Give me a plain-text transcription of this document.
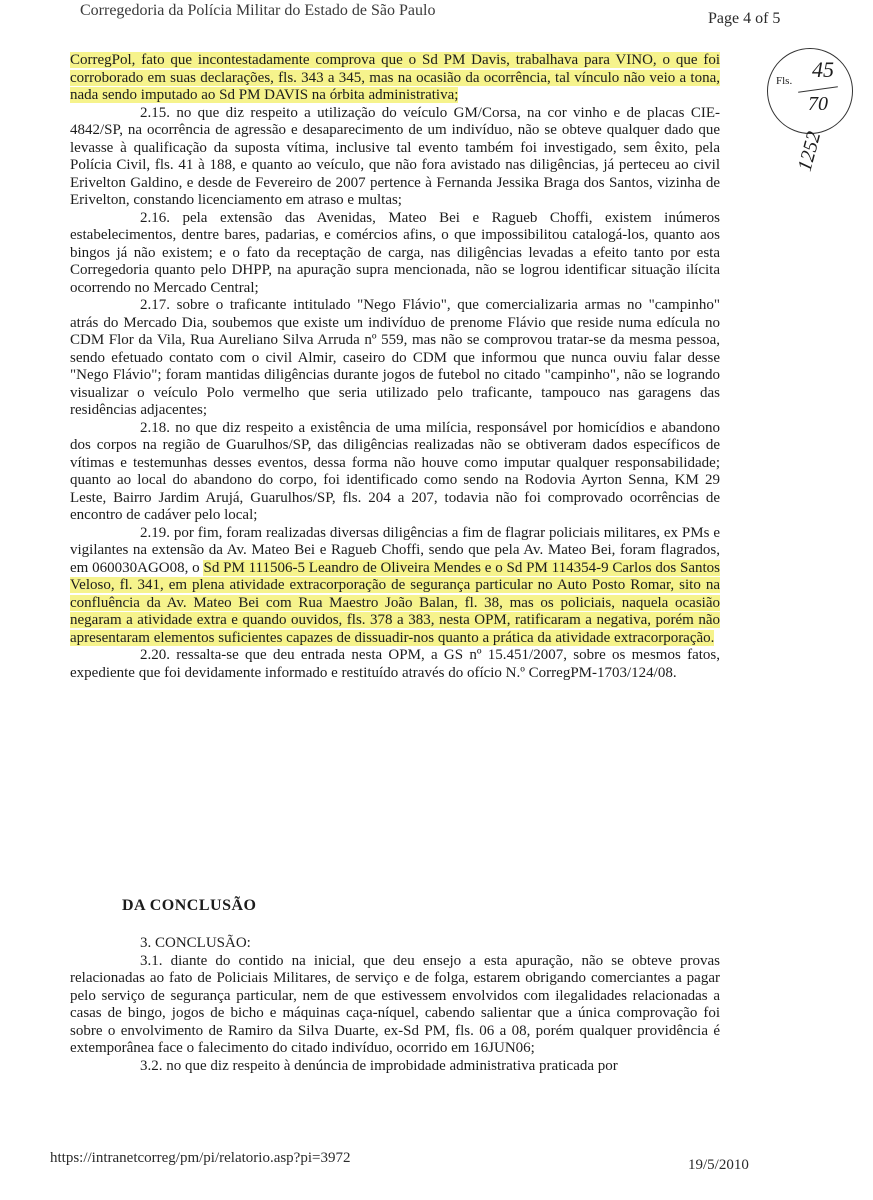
Corregedoria da Polícia Militar do Estado de São Paulo	Page 4 of 5
Fls. 45
70
1252

CorregPol, fato que incontestadamente comprova que o Sd PM Davis, trabalhava para VINO, o que foi corroborado em suas declarações, fls. 343 a 345, mas na ocasião da ocorrência, tal vínculo não veio a tona, nada sendo imputado ao Sd PM DAVIS na órbita administrativa;

2.15. no que diz respeito a utilização do veículo GM/Corsa, na cor vinho e de placas CIE-4842/SP, na ocorrência de agressão e desaparecimento de um indivíduo, não se obteve qualquer dado que levasse à qualificação da suposta vítima, inclusive tal evento também foi investigado, sem êxito, pela Polícia Civil, fls. 41 à 188, e quanto ao veículo, que não fora avistado nas diligências, já perteceu ao civil Erivelton Galdino, e desde de Fevereiro de 2007 pertence à Fernanda Jessika Braga dos Santos, vizinha de Erivelton, constando licenciamento em atraso e multas;

2.16. pela extensão das Avenidas, Mateo Bei e Ragueb Choffi, existem inúmeros estabelecimentos, dentre bares, padarias, e comércios afins, o que impossibilitou catalogá-los, quanto aos bingos já não existem; e o fato da receptação de carga, nas diligências levadas a efeito tanto por esta Corregedoria quanto pelo DHPP, na apuração supra mencionada, não se logrou identificar situação ilícita ocorrendo no Mercado Central;

2.17. sobre o traficante intitulado "Nego Flávio", que comercializaria armas no "campinho" atrás do Mercado Dia, soubemos que existe um indivíduo de prenome Flávio que reside numa edícula no CDM Flor da Vila, Rua Aureliano Silva Arruda nº 559, mas não se comprovou tratar-se da mesma pessoa, sendo efetuado contato com o civil Almir, caseiro do CDM que informou que nunca ouviu falar desse "Nego Flávio"; foram mantidas diligências durante jogos de futebol no citado "campinho", não se logrando visualizar o veículo Polo vermelho que seria utilizado pelo traficante, tampouco nas garagens das residências adjacentes;

2.18. no que diz respeito a existência de uma milícia, responsável por homicídios e abandono dos corpos na região de Guarulhos/SP, das diligências realizadas não se obtiveram dados específicos de vítimas e testemunhas desses eventos, dessa forma não houve como imputar qualquer responsabilidade; quanto ao local do abandono do corpo, foi identificado como sendo na Rodovia Ayrton Senna, KM 29 Leste, Bairro Jardim Arujá, Guarulhos/SP, fls. 204 a 207, todavia não foi comprovado ocorrências de encontro de cadáver pelo local;

2.19. por fim, foram realizadas diversas diligências a fim de flagrar policiais militares, ex PMs e vigilantes na extensão da Av. Mateo Bei e Ragueb Choffi, sendo que pela Av. Mateo Bei, foram flagrados, em 060030AGO08, o Sd PM 111506-5 Leandro de Oliveira Mendes e o Sd PM 114354-9 Carlos dos Santos Veloso, fl. 341, em plena atividade extracorporação de segurança particular no Auto Posto Romar, sito na confluência da Av. Mateo Bei com Rua Maestro João Balan, fl. 38, mas os policiais, naquela ocasião negaram a atividade extra e quando ouvidos, fls. 378 a 383, nesta OPM, ratificaram a negativa, porém não apresentaram elementos suficientes capazes de dissuadir-nos quanto a prática da atividade extracorporação.

2.20. ressalta-se que deu entrada nesta OPM, a GS nº 15.451/2007, sobre os mesmos fatos, expediente que foi devidamente informado e restituído através do ofício N.º CorregPM-1703/124/08.

DA CONCLUSÃO

3. CONCLUSÃO:

3.1. diante do contido na inicial, que deu ensejo a esta apuração, não se obteve provas relacionadas ao fato de Policiais Militares, de serviço e de folga, estarem obrigando comerciantes a pagar pelo serviço de segurança particular, nem de que estivessem envolvidos com ilegalidades relacionadas a casas de bingo, jogos de bicho e máquinas caça-níquel, cabendo salientar que a única comprovação foi sobre o envolvimento de Ramiro da Silva Duarte, ex-Sd PM, fls. 06 a 08, porém qualquer providência é extemporânea face o falecimento do citado indivíduo, ocorrido em 16JUN06;

3.2. no que diz respeito à denúncia de improbidade administrativa praticada por

https://intranetcorreg/pm/pi/relatorio.asp?pi=3972	19/5/2010
